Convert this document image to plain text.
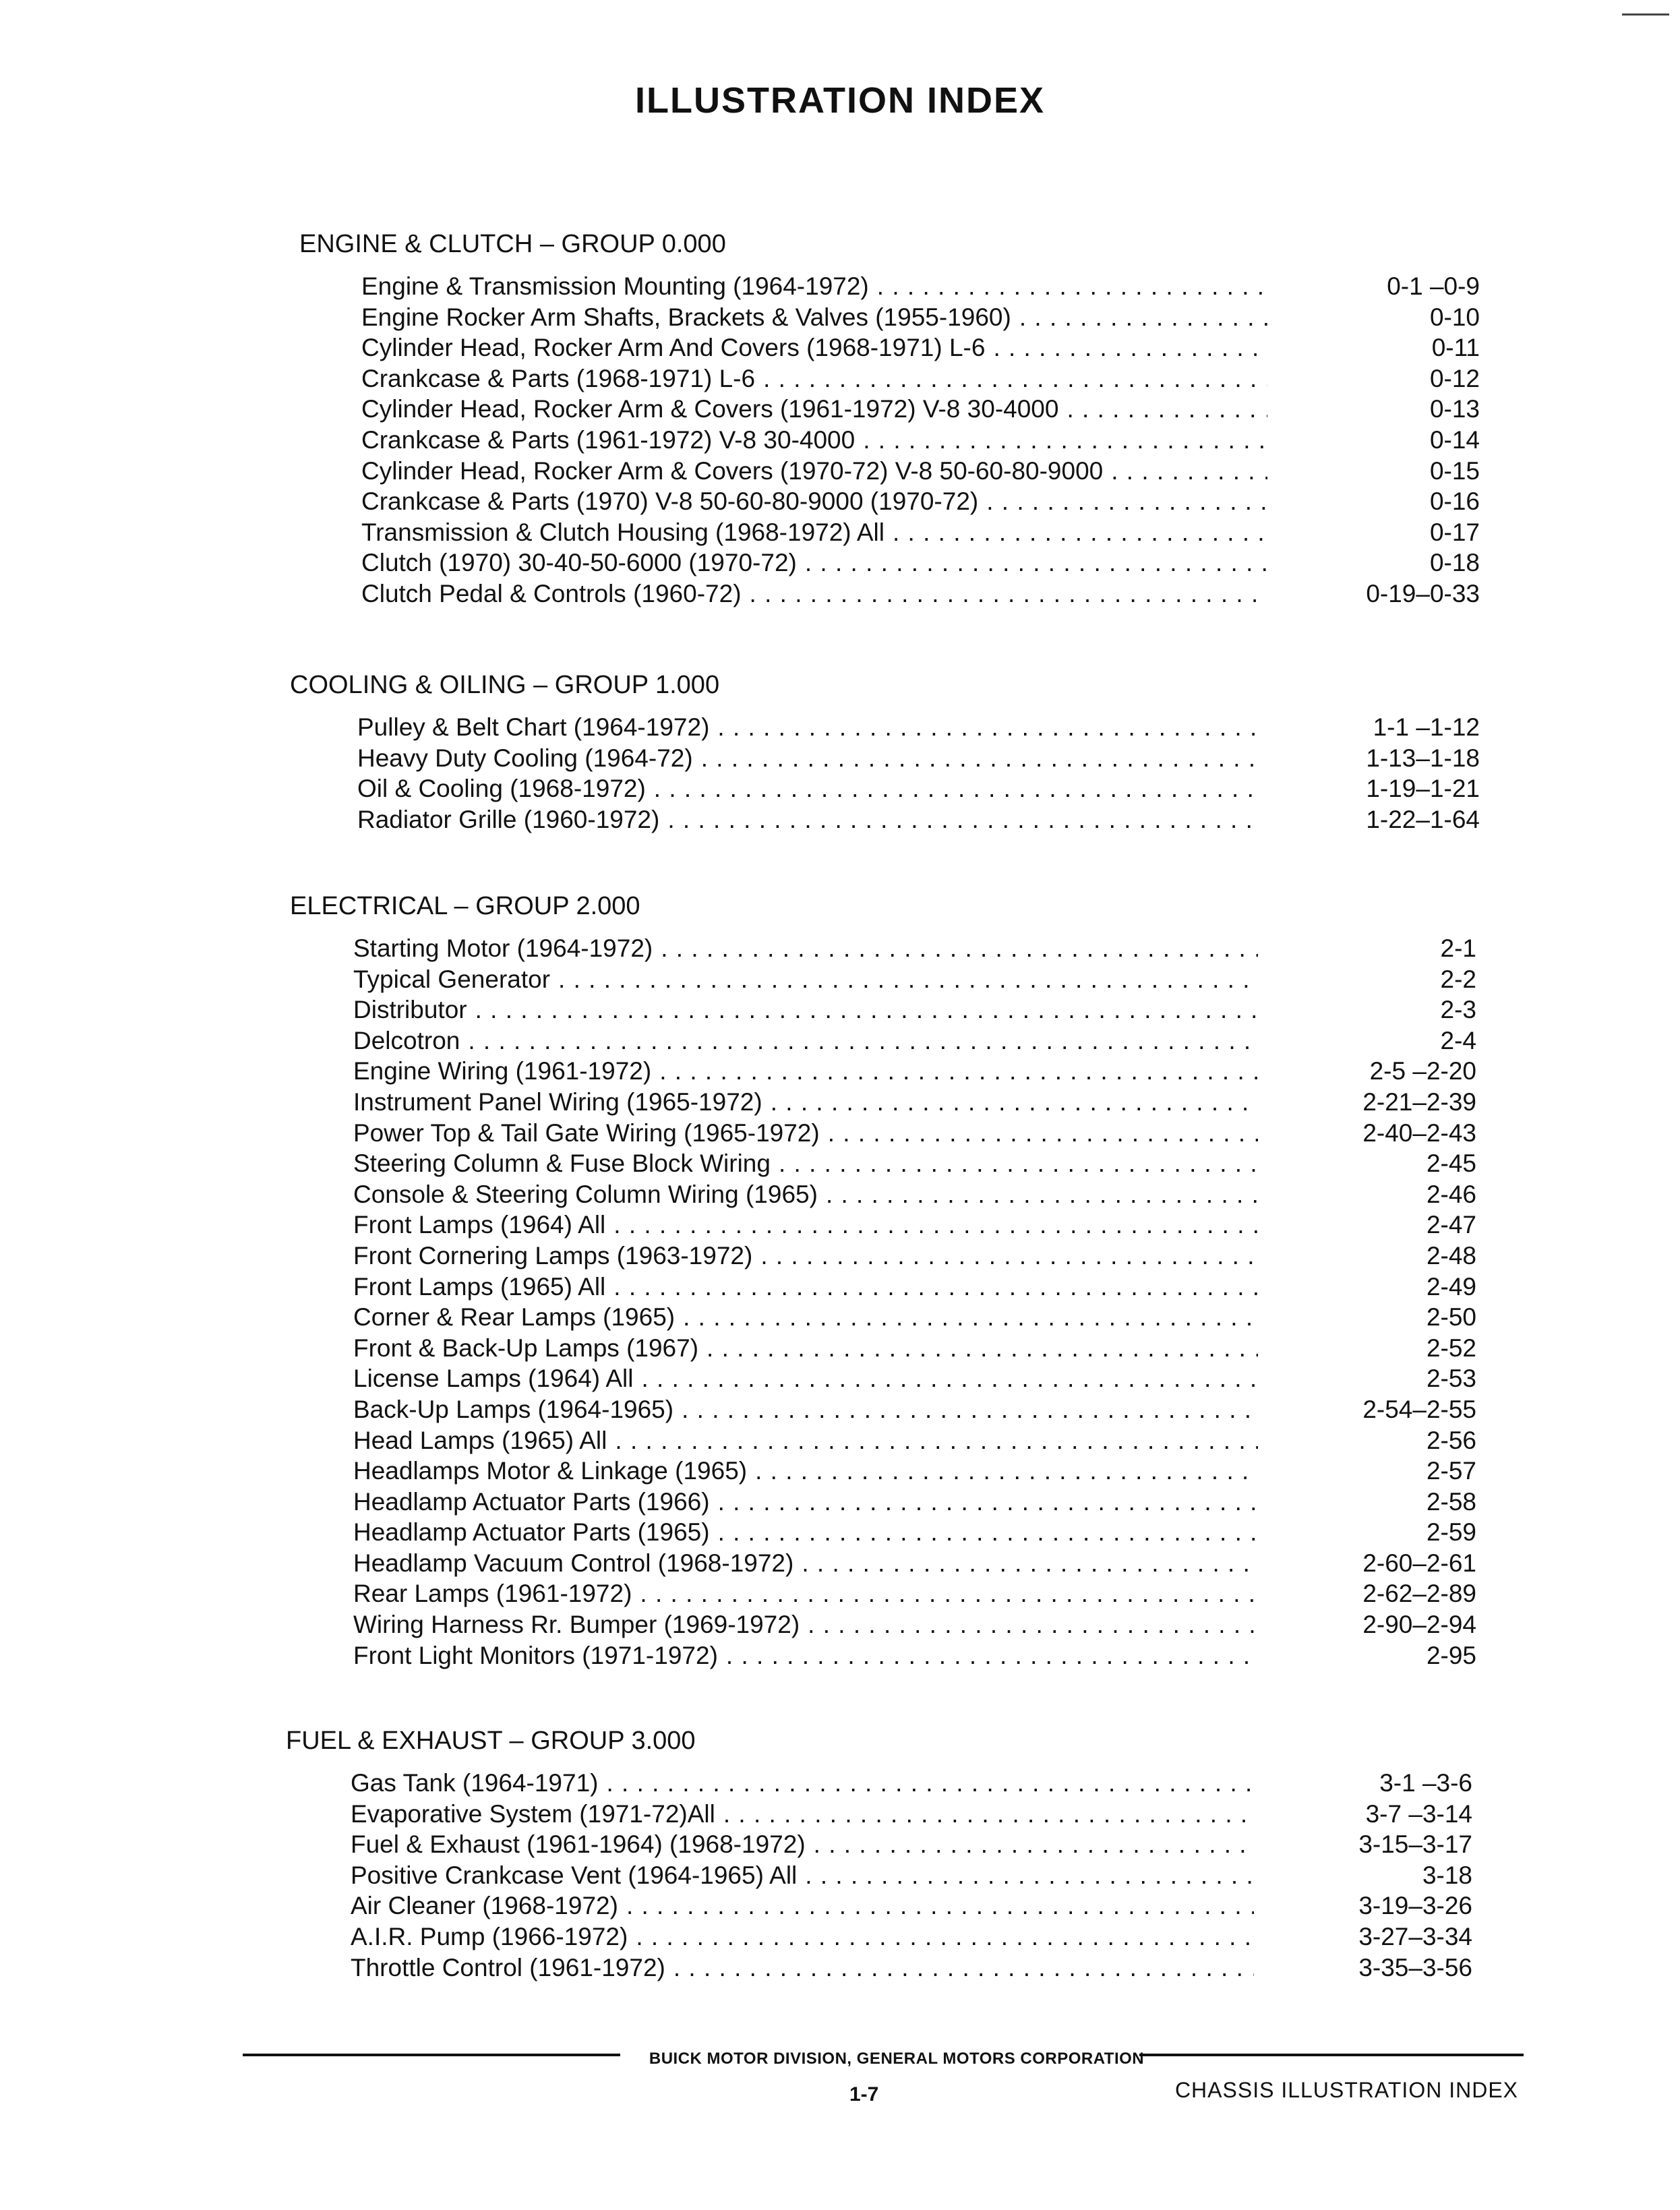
ILLUSTRATION INDEX
ENGINE & CLUTCH – GROUP 0.000
Engine & Transmission Mounting (1964-1972) . . .	0-1 –0-9
Engine Rocker Arm Shafts, Brackets & Valves (1955-1960) . . .	0-10
Cylinder Head, Rocker Arm And Covers (1968-1971) L-6 . . .	0-11
Crankcase & Parts (1968-1971) L-6 . . .	0-12
Cylinder Head, Rocker Arm & Covers (1961-1972) V-8 30-4000 . . .	0-13
Crankcase & Parts (1961-1972) V-8 30-4000 . . .	0-14
Cylinder Head, Rocker Arm & Covers (1970-72) V-8 50-60-80-9000 . . .	0-15
Crankcase & Parts (1970) V-8 50-60-80-9000 (1970-72) . . .	0-16
Transmission & Clutch Housing (1968-1972) All . . .	0-17
Clutch (1970) 30-40-50-6000 (1970-72) . . .	0-18
Clutch Pedal & Controls (1960-72) . . .	0-19–0-33
COOLING & OILING – GROUP 1.000
Pulley & Belt Chart (1964-1972) . . .	1-1 –1-12
Heavy Duty Cooling (1964-72) . . .	1-13–1-18
Oil & Cooling (1968-1972) . . .	1-19–1-21
Radiator Grille (1960-1972) . . .	1-22–1-64
ELECTRICAL – GROUP 2.000
Starting Motor (1964-1972) . . .	2-1
Typical Generator . . .	2-2
Distributor . . .	2-3
Delcotron . . .	2-4
Engine Wiring (1961-1972) . . .	2-5 –2-20
Instrument Panel Wiring (1965-1972) . . .	2-21–2-39
Power Top & Tail Gate Wiring (1965-1972) . . .	2-40–2-43
Steering Column & Fuse Block Wiring . . .	2-45
Console & Steering Column Wiring (1965) . . .	2-46
Front Lamps (1964) All . . .	2-47
Front Cornering Lamps (1963-1972) . . .	2-48
Front Lamps (1965) All . . .	2-49
Corner & Rear Lamps (1965) . . .	2-50
Front & Back-Up Lamps (1967) . . .	2-52
License Lamps (1964) All . . .	2-53
Back-Up Lamps (1964-1965) . . .	2-54–2-55
Head Lamps (1965) All . . .	2-56
Headlamps Motor & Linkage (1965) . . .	2-57
Headlamp Actuator Parts (1966) . . .	2-58
Headlamp Actuator Parts (1965) . . .	2-59
Headlamp Vacuum Control (1968-1972) . . .	2-60–2-61
Rear Lamps (1961-1972) . . .	2-62–2-89
Wiring Harness Rr. Bumper (1969-1972) . . .	2-90–2-94
Front Light Monitors (1971-1972) . . .	2-95
FUEL & EXHAUST – GROUP 3.000
Gas Tank (1964-1971) . . .	3-1 –3-6
Evaporative System (1971-72)All . . .	3-7 –3-14
Fuel & Exhaust (1961-1964) (1968-1972) . . .	3-15–3-17
Positive Crankcase Vent (1964-1965) All . . .	3-18
Air Cleaner (1968-1972) . . .	3-19–3-26
A.I.R. Pump (1966-1972) . . .	3-27–3-34
Throttle Control (1961-1972) . . .	3-35–3-56
BUICK MOTOR DIVISION, GENERAL MOTORS CORPORATION
1-7	CHASSIS ILLUSTRATION INDEX
